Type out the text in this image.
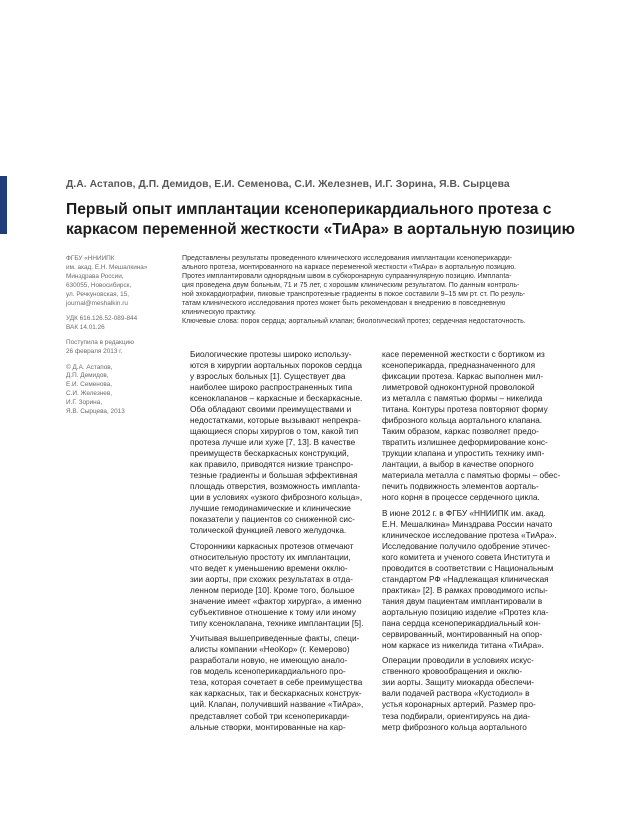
Д.А. Астапов, Д.П. Демидов, Е.И. Семенова, С.И. Железнев, И.Г. Зорина, Я.В. Сырцева
Первый опыт имплантации ксеноперикардиального протеза с
каркасом переменной жесткости «ТиАра» в аортальную позицию
ФГБУ «ННИИПК
им. акад. Е.Н. Мешалкина»
Минздрава России,
630055, Новосибирск,
ул. Речкуновская, 15,
journal@meshalkin.ru
УДК 616.126.52-089-844
ВАК 14.01.26
Поступила в редакцию
26 февраля 2013 г.
© Д.А. Астапов,
Д.П. Демидов,
Е.И. Семенова,
С.И. Железнев,
И.Г. Зорина,
Я.В. Сырцева, 2013
Представлены результаты проведенного клинического исследования имплантации ксеноперикарди-
ального протеза, монтированного на каркасе переменной жесткости «ТиАра» в аортальную позицию.
Протез имплантировали однорядным швом в субкоронарную супрааннулярную позицию. Имплanta-
ция проведена двум больным, 71 и 75 лет, с хорошим клиническим результатом. По данным контроль-
ной эхокардиографии, пиковые транспротезные градиенты в покое составили 9–15 мм рт. ст. По резуль-
татам клинического исследования протез может быть рекомендован к внедрению в повседневную
клиническую практику.
Ключевые слова: порок сердца; аортальный клапан; биологический протез; сердечная недостаточность.
Биологические протезы широко использу-
ются в хирургии аортальных пороков сердца
у взрослых больных [1]. Существует два
наиболее широко распространенных типа
ксеноклапанов – каркасные и бескаркасные.
Оба обладают своими преимуществами и
недостатками, которые вызывают непрекра-
щающиеся споры хирургов о том, какой тип
протеза лучше или хуже [7, 13]. В качестве
преимуществ бескаркасных конструкций,
как правило, приводятся низкие транспро-
тезные градиенты и большая эффективная
площадь отверстия, возможность имплanta-
ции в условиях «узкого фиброзного кольца»,
лучшие гемодинамические и клинические
показатели у пациентов со сниженной сис-
толической функцией левого желудочка.
Сторонники каркасных протезов отмечают
относительную простоту их имплантации,
что ведет к уменьшению времени окклю-
зии аорты, при схожих результатах в отда-
ленном периоде [10]. Кроме того, большое
значение имеет «фактор хирурга», а именно
субъективное отношение к тому или иному
типу ксеноклапана, технике имплантации [5].
Учитывая вышеприведенные факты, специ-
алисты компании «НеоКор» (г. Кемерово)
разработали новую, не имеющую анало-
гов модель ксеноперикардиального про-
теза, которая сочетает в себе преимущества
как каркасных, так и бескаркасных конструк-
ций. Клапан, получивший название «ТиАра»,
представляет собой три ксеноперикарди-
альные створки, монтированные на кар-
касе переменной жесткости с бортиком из
ксеноперикарда, предназначенного для
фиксации протеза. Каркас выполнен мил-
лиметровой одноконтурной проволокой
из металла с памятью формы – никелида
титана. Контуры протеза повторяют форму
фиброзного кольца аортального клапана.
Таким образом, каркас позволяет предо-
твратить излишнее деформирование конс-
трукции клапана и упростить технику имп-
лантации, а выбор в качестве опорного
материала металла с памятью формы – обес-
печить подвижность элементов аорталь-
ного корня в процессе сердечного цикла.
В июне 2012 г. в ФГБУ «ННИИПК им. акад.
Е.Н. Мешалкина» Минздрава России начато
клиническое исследование протеза «ТиАра».
Исследование получило одобрение этичес-
кого комитета и ученого совета Института и
проводится в соответствии с Национальным
стандартом РФ «Надлежащая клиническая
практика» [2]. В рамках проводимого испы-
тания двум пациентам имплантировали в
аортальную позицию изделие «Протез кла-
пана сердца ксеноперикардиальный кон-
сервированный, монтированный на опор-
ном каркасе из никелида титана «ТиАра».
Операции проводили в условиях искус-
ственного кровообращения и окклю-
зии аорты. Защиту миокарда обеспечи-
вали подачей раствора «Кустодиол» в
устья коронарных артерий. Размер про-
теза подбирали, ориентируясь на диа-
метр фиброзного кольца аортального
